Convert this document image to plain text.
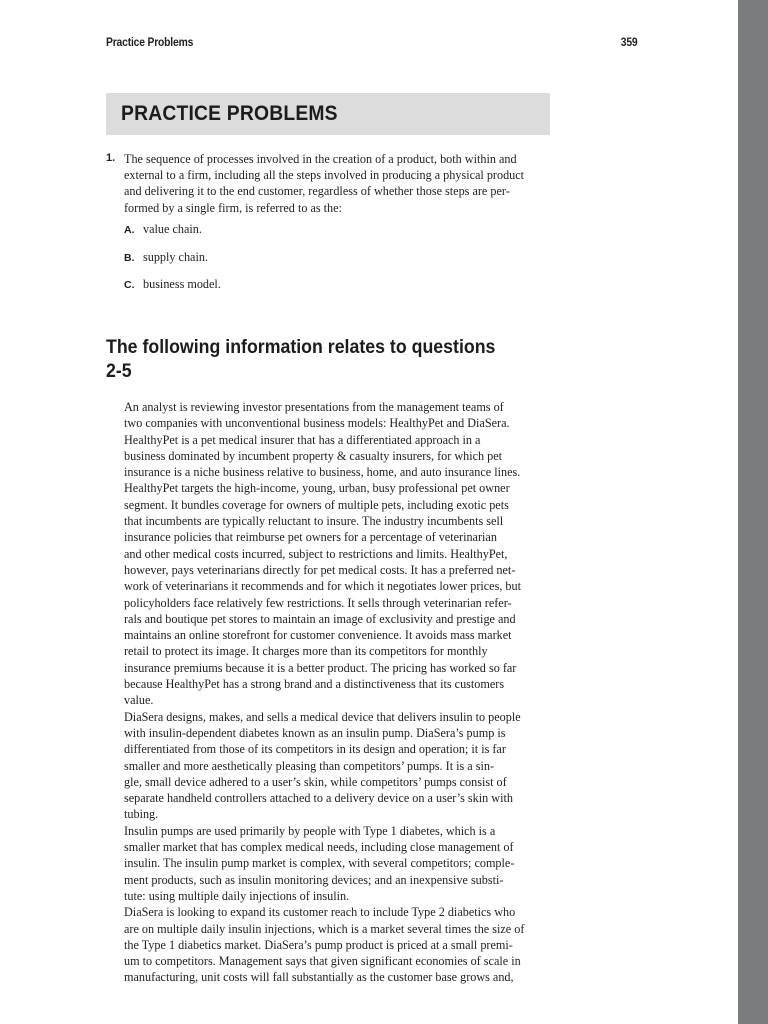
Practice Problems	359
PRACTICE PROBLEMS
1. The sequence of processes involved in the creation of a product, both within and
external to a firm, including all the steps involved in producing a physical product
and delivering it to the end customer, regardless of whether those steps are per-
formed by a single firm, is referred to as the:
A. value chain.
B. supply chain.
C. business model.
The following information relates to questions
2-5
An analyst is reviewing investor presentations from the management teams of
two companies with unconventional business models: HealthyPet and DiaSera.
HealthyPet is a pet medical insurer that has a differentiated approach in a
business dominated by incumbent property & casualty insurers, for which pet
insurance is a niche business relative to business, home, and auto insurance lines.
HealthyPet targets the high-income, young, urban, busy professional pet owner
segment. It bundles coverage for owners of multiple pets, including exotic pets
that incumbents are typically reluctant to insure. The industry incumbents sell
insurance policies that reimburse pet owners for a percentage of veterinarian
and other medical costs incurred, subject to restrictions and limits. HealthyPet,
however, pays veterinarians directly for pet medical costs. It has a preferred net-
work of veterinarians it recommends and for which it negotiates lower prices, but
policyholders face relatively few restrictions. It sells through veterinarian refer-
rals and boutique pet stores to maintain an image of exclusivity and prestige and
maintains an online storefront for customer convenience. It avoids mass market
retail to protect its image. It charges more than its competitors for monthly
insurance premiums because it is a better product. The pricing has worked so far
because HealthyPet has a strong brand and a distinctiveness that its customers
value.
DiaSera designs, makes, and sells a medical device that delivers insulin to people
with insulin-dependent diabetes known as an insulin pump. DiaSera’s pump is
differentiated from those of its competitors in its design and operation; it is far
smaller and more aesthetically pleasing than competitors’ pumps. It is a sin-
gle, small device adhered to a user’s skin, while competitors’ pumps consist of
separate handheld controllers attached to a delivery device on a user’s skin with
tubing.
Insulin pumps are used primarily by people with Type 1 diabetes, which is a
smaller market that has complex medical needs, including close management of
insulin. The insulin pump market is complex, with several competitors; comple-
ment products, such as insulin monitoring devices; and an inexpensive substi-
tute: using multiple daily injections of insulin.
DiaSera is looking to expand its customer reach to include Type 2 diabetics who
are on multiple daily insulin injections, which is a market several times the size of
the Type 1 diabetics market. DiaSera’s pump product is priced at a small premi-
um to competitors. Management says that given significant economies of scale in
manufacturing, unit costs will fall substantially as the customer base grows and,
